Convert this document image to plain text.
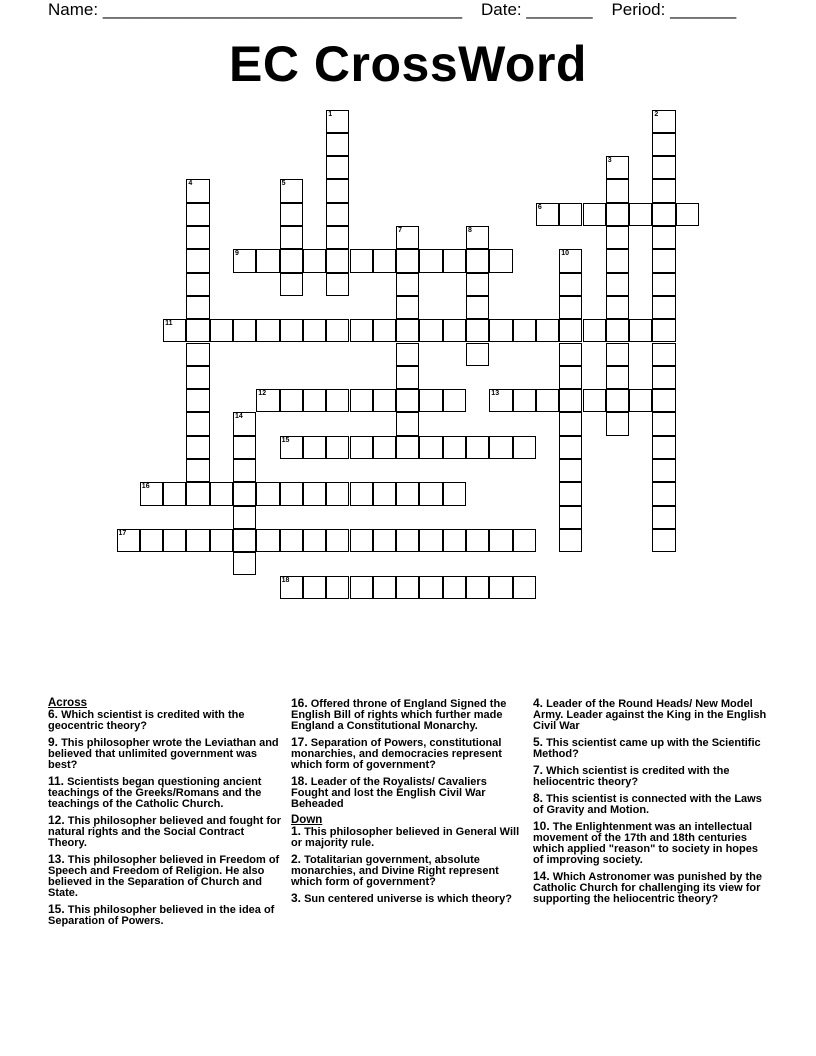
Name: ______________________________________ Date: _______ Period: _______
EC CrossWord
1	2
3
4	5
6
7	8
9	10
11
12	13
14
15
16
17
18
Across
6. Which scientist is credited with the geocentric theory?
9. This philosopher wrote the Leviathan and believed that unlimited government was best?
11. Scientists began questioning ancient teachings of the Greeks/Romans and the teachings of the Catholic Church.
12. This philosopher believed and fought for natural rights and the Social Contract Theory.
13. This philosopher believed in Freedom of Speech and Freedom of Religion. He also believed in the Separation of Church and State.
15. This philosopher believed in the idea of Separation of Powers.
16. Offered throne of England Signed the English Bill of rights which further made England a Constitutional Monarchy.
17. Separation of Powers, constitutional monarchies, and democracies represent which form of government?
18. Leader of the Royalists/ Cavaliers Fought and lost the English Civil War Beheaded
Down
1. This philosopher believed in General Will or majority rule.
2. Totalitarian government, absolute monarchies, and Divine Right represent which form of government?
3. Sun centered universe is which theory?
4. Leader of the Round Heads/ New Model Army. Leader against the King in the English Civil War
5. This scientist came up with the Scientific Method?
7. Which scientist is credited with the heliocentric theory?
8. This scientist is connected with the Laws of Gravity and Motion.
10. The Enlightenment was an intellectual movement of the 17th and 18th centuries which applied "reason" to society in hopes of improving society.
14. Which Astronomer was punished by the Catholic Church for challenging its view for supporting the heliocentric theory?
